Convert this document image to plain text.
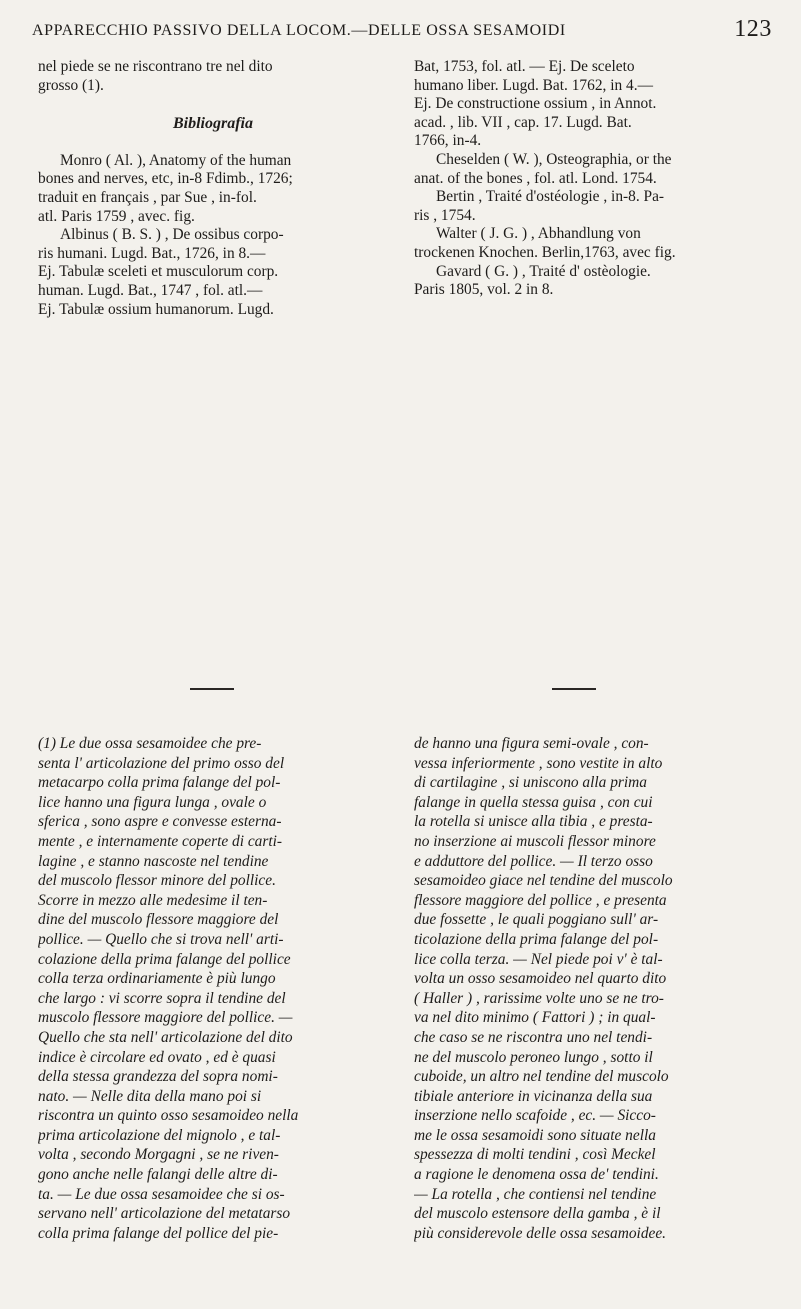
APPARECCHIO PASSIVO DELLA LOCOM.—DELLE OSSA SESAMOIDI	123
nel piede se ne riscontrano tre nel dito
grosso (1).
Bibliografia
Monro ( Al. ), Anatomy of the human
bones and nerves, etc, in-8 Fdimb., 1726;
traduit en français , par Sue , in-fol.
atl. Paris 1759 , avec. fig.
Albinus ( B. S. ) , De ossibus corpo-
ris humani. Lugd. Bat., 1726, in 8.—
Ej. Tabulæ sceleti et musculorum corp.
human. Lugd. Bat., 1747 , fol. atl.—
Ej. Tabulæ ossium humanorum. Lugd.
Bat, 1753, fol. atl. — Ej. De sceleto
humano liber. Lugd. Bat. 1762, in 4.—
Ej. De constructione ossium , in Annot.
acad. , lib. VII , cap. 17. Lugd. Bat.
1766, in-4.
Cheselden ( W. ), Osteographia, or the
anat. of the bones , fol. atl. Lond. 1754.
Bertin , Traité d'ostéologie , in-8. Pa-
ris , 1754.
Walter ( J. G. ) , Abhandlung von
trockenen Knochen. Berlin,1763, avec fig.
Gavard ( G. ) , Traité d' ostèologie.
Paris 1805, vol. 2 in 8.
(1) Le due ossa sesamoidee che pre-
senta l' articolazione del primo osso del
metacarpo colla prima falange del pol-
lice hanno una figura lunga , ovale o
sferica , sono aspre e convesse esterna-
mente , e internamente coperte di carti-
lagine , e stanno nascoste nel tendine
del muscolo flessor minore del pollice.
Scorre in mezzo alle medesime il ten-
dine del muscolo flessore maggiore del
pollice. — Quello che si trova nell' arti-
colazione della prima falange del pollice
colla terza ordinariamente è più lungo
che largo : vi scorre sopra il tendine del
muscolo flessore maggiore del pollice. —
Quello che sta nell' articolazione del dito
indice è circolare ed ovato , ed è quasi
della stessa grandezza del sopra nomi-
nato. — Nelle dita della mano poi si
riscontra un quinto osso sesamoideo nella
prima articolazione del mignolo , e tal-
volta , secondo Morgagni , se ne riven-
gono anche nelle falangi delle altre di-
ta. — Le due ossa sesamoidee che si os-
servano nell' articolazione del metatarso
colla prima falange del pollice del pie-
de hanno una figura semi-ovale , con-
vessa inferiormente , sono vestite in alto
di cartilagine , si uniscono alla prima
falange in quella stessa guisa , con cui
la rotella si unisce alla tibia , e presta-
no inserzione ai muscoli flessor minore
e adduttore del pollice. — Il terzo osso
sesamoideo giace nel tendine del muscolo
flessore maggiore del pollice , e presenta
due fossette , le quali poggiano sull' ar-
ticolazione della prima falange del pol-
lice colla terza. — Nel piede poi v' è tal-
volta un osso sesamoideo nel quarto dito
( Haller ) , rarissime volte uno se ne tro-
va nel dito minimo ( Fattori ) ; in qual-
che caso se ne riscontra uno nel tendi-
ne del muscolo peroneo lungo , sotto il
cuboide, un altro nel tendine del muscolo
tibiale anteriore in vicinanza della sua
inserzione nello scafoide , ec. — Sicco-
me le ossa sesamoidi sono situate nella
spessezza di molti tendini , così Meckel
a ragione le denomena ossa de' tendini.
— La rotella , che contiensi nel tendine
del muscolo estensore della gamba , è il
più considerevole delle ossa sesamoidee.
